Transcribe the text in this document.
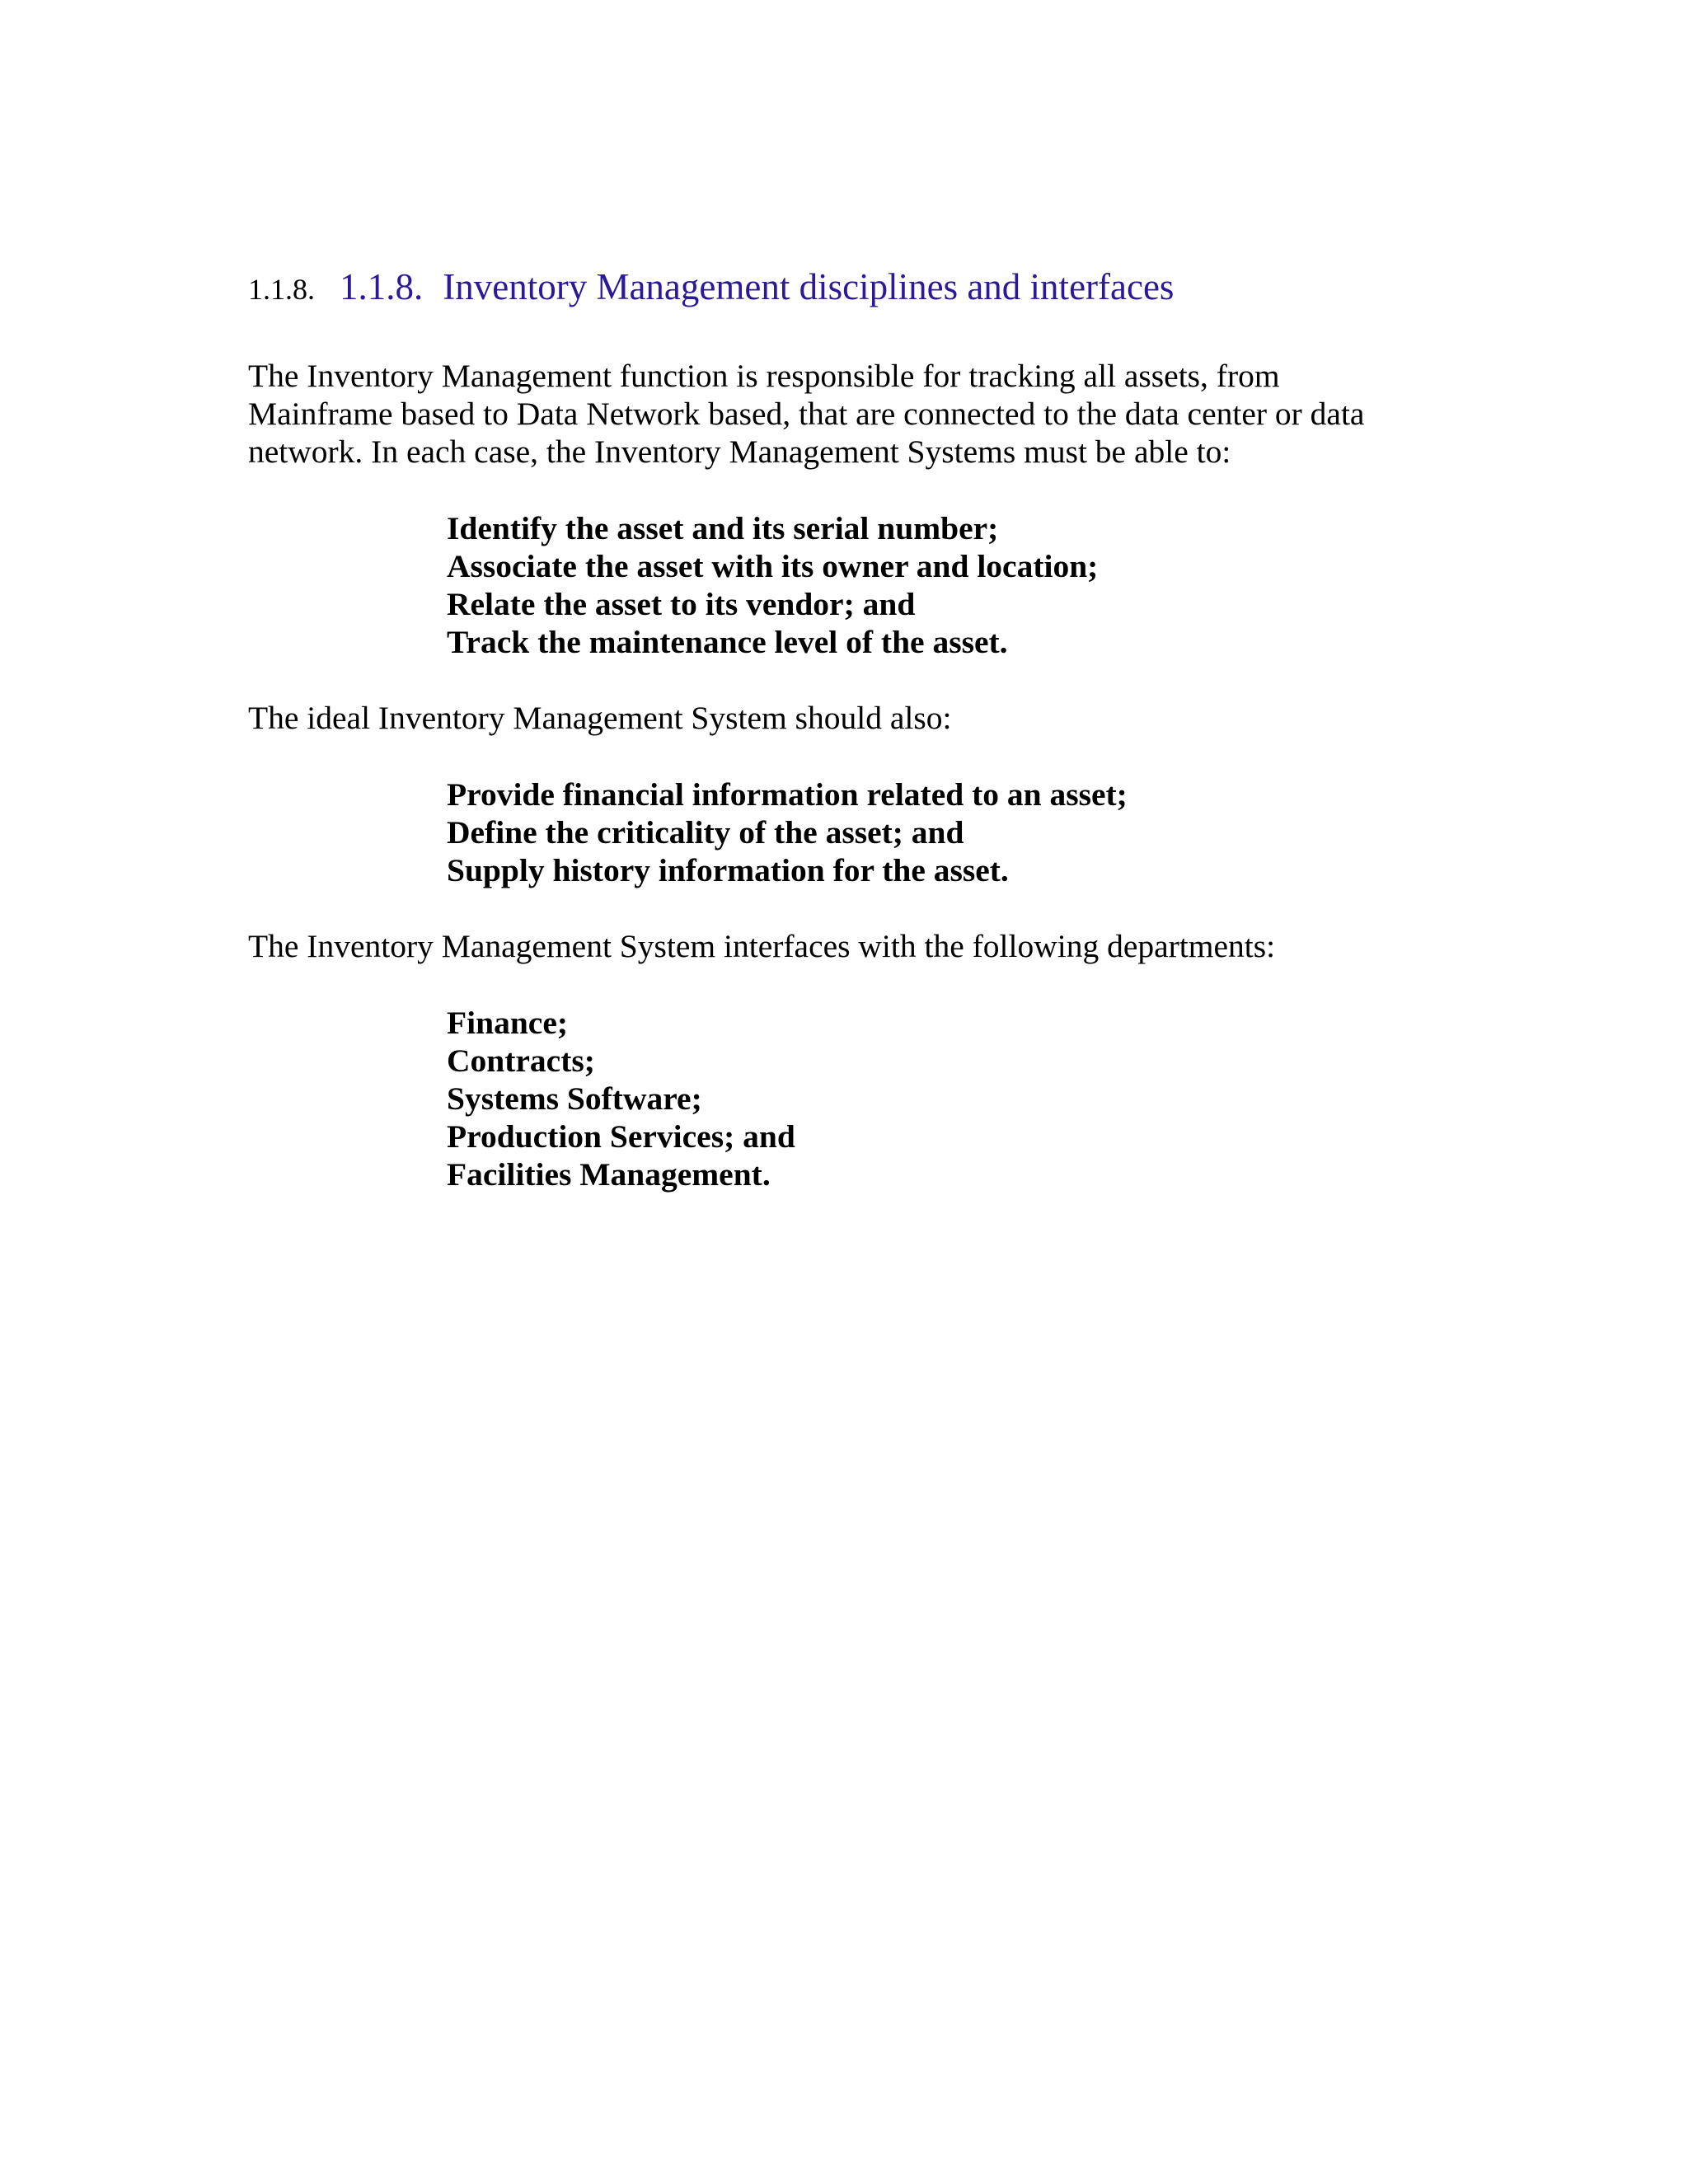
1.1.8. 1.1.8. Inventory Management disciplines and interfaces
The Inventory Management function is responsible for tracking all assets, from
Mainframe based to Data Network based, that are connected to the data center or data
network. In each case, the Inventory Management Systems must be able to:
Identify the asset and its serial number;
Associate the asset with its owner and location;
Relate the asset to its vendor; and
Track the maintenance level of the asset.

The ideal Inventory Management System should also:

Provide financial information related to an asset;
Define the criticality of the asset; and
Supply history information for the asset.

The Inventory Management System interfaces with the following departments:

Finance;
Contracts;
Systems Software;
Production Services; and
Facilities Management.
